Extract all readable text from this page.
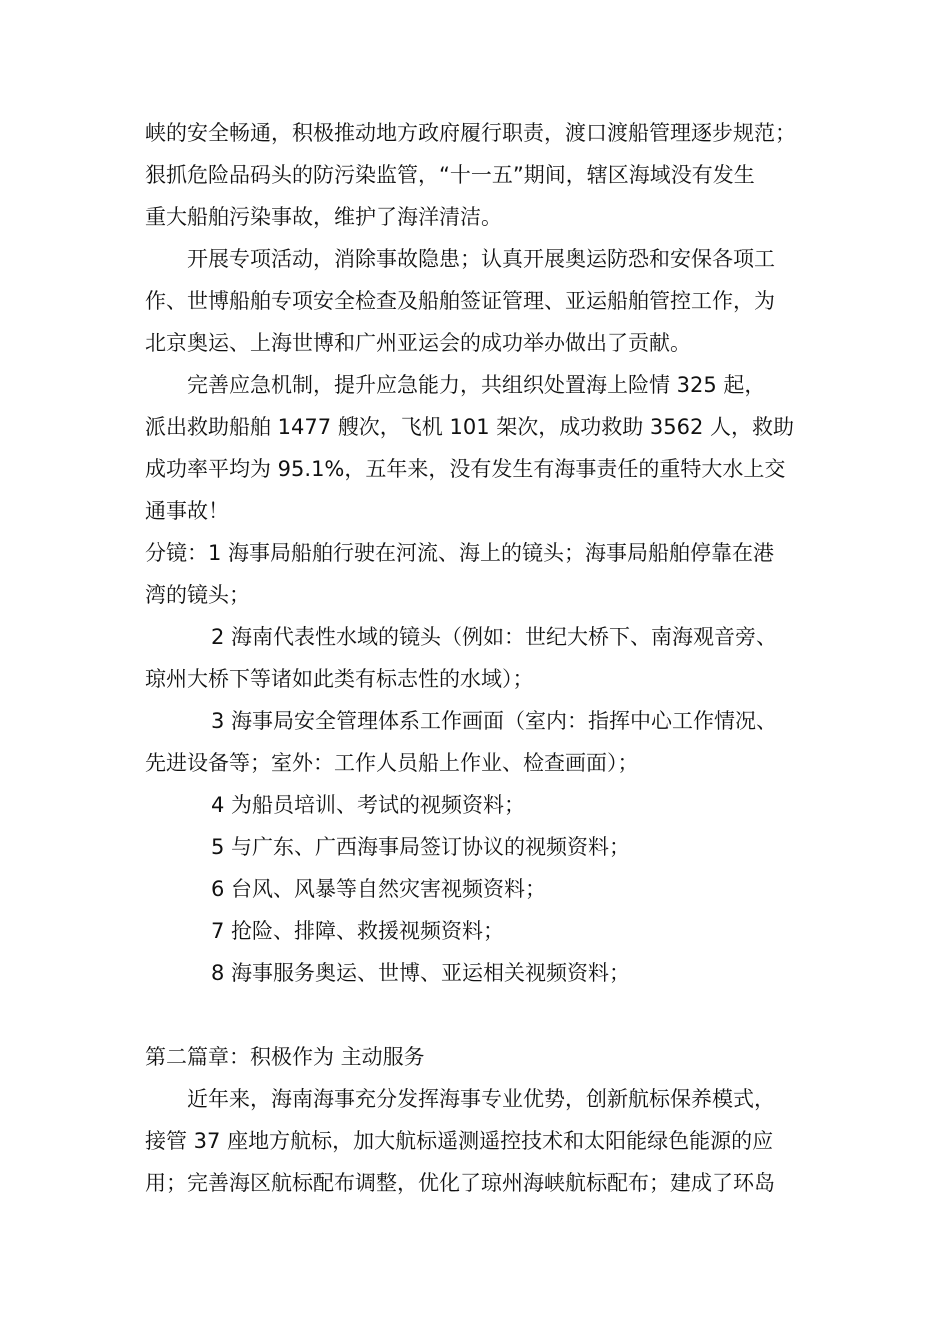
峡的安全畅通，积极推动地方政府履行职责，渡口渡船管理逐步规范；
狠抓危险品码头的防污染监管，“十一五”期间，辖区海域没有发生
重大船舶污染事故，维护了海洋清洁。
开展专项活动，消除事故隐患；认真开展奥运防恐和安保各项工
作、世博船舶专项安全检查及船舶签证管理、亚运船舶管控工作，为
北京奥运、上海世博和广州亚运会的成功举办做出了贡献。
完善应急机制，提升应急能力，共组织处置海上险情 325 起，
派出救助船舶 1477 艘次，飞机 101 架次，成功救助 3562 人，救助
成功率平均为 95.1%，五年来，没有发生有海事责任的重特大水上交
通事故！
分镜：1 海事局船舶行驶在河流、海上的镜头；海事局船舶停靠在港
湾的镜头；
2 海南代表性水域的镜头（例如：世纪大桥下、南海观音旁、
琼州大桥下等诸如此类有标志性的水域）；
3 海事局安全管理体系工作画面（室内：指挥中心工作情况、
先进设备等；室外：工作人员船上作业、检查画面）；
4 为船员培训、考试的视频资料；
5 与广东、广西海事局签订协议的视频资料；
6 台风、风暴等自然灾害视频资料；
7 抢险、排障、救援视频资料；
8 海事服务奥运、世博、亚运相关视频资料；
第二篇章：积极作为 主动服务
近年来，海南海事充分发挥海事专业优势，创新航标保养模式，
接管 37 座地方航标，加大航标遥测遥控技术和太阳能绿色能源的应
用；完善海区航标配布调整，优化了琼州海峡航标配布；建成了环岛
